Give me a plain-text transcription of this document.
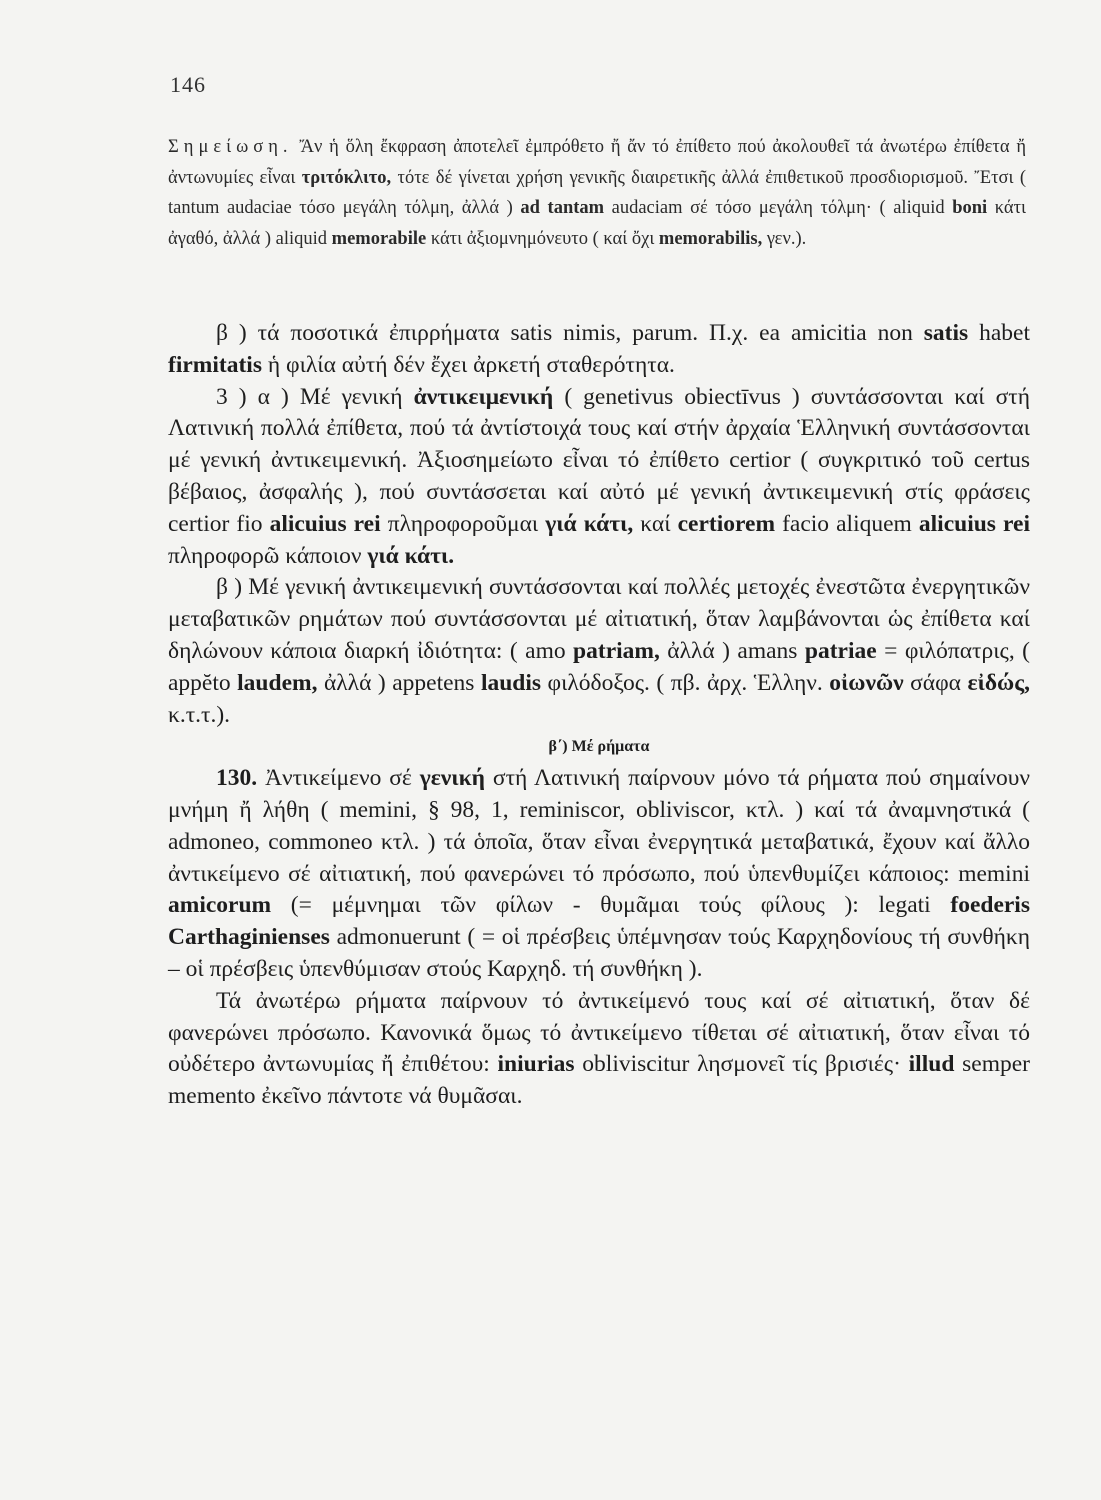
146
Σημείωση. Ἄν ἡ ὅλη ἔκφραση ἀποτελεῖ ἐμπρόθετο ἤ ἄν τό ἐπίθετο πού ἀκολουθεῖ τά ἀνωτέρω ἐπίθετα ἤ ἀντωνυμίες εἶναι τριτόκλιτο, τότε δέ γίνεται χρήση γενικῆς διαιρετικῆς ἀλλά ἐπιθετικοῦ προσδιορισμοῦ. Ἔτσι ( tantum audaciae τόσο μεγάλη τόλμη, ἀλλά ) ad tantam audaciam σέ τόσο μεγάλη τόλμη· ( aliquid boni κάτι ἀγαθό, ἀλλά ) aliquid memorabile κάτι ἀξιομνημόνευτο ( καί ὄχι memorabilis, γεν.).

β ) τά ποσοτικά ἐπιρρήματα satis nimis, parum. Π.χ. ea amicitia non satis habet firmitatis ἡ φιλία αὐτή δέν ἔχει ἀρκετή σταθερότητα.

3 ) α ) Μέ γενική ἀντικειμενική ( genetivus obiectīvus ) συντάσσονται καί στή Λατινική πολλά ἐπίθετα, πού τά ἀντίστοιχά τους καί στήν ἀρχαία Ἑλληνική συντάσσονται μέ γενική ἀντικειμενική. Ἀξιοσημείωτο εἶναι τό ἐπίθετο certior ( συγκριτικό τοῦ certus βέβαιος, ἀσφαλής ), πού συντάσσεται καί αὐτό μέ γενική ἀντικειμενική στίς φράσεις certior fio alicuius rei πληροφοροῦμαι γιά κάτι, καί certiorem facio aliquem alicuius rei πληροφορῶ κάποιον γιά κάτι.

β ) Μέ γενική ἀντικειμενική συντάσσονται καί πολλές μετοχές ἐνεστῶτα ἐνεργητικῶν μεταβατικῶν ρημάτων πού συντάσσονται μέ αἰτιατική, ὅταν λαμβάνονται ὡς ἐπίθετα καί δηλώνουν κάποια διαρκή ἰδιότητα: ( amo patriam, ἀλλά ) amans patriae = φιλόπατρις, ( appĕto laudem, ἀλλά ) appetens laudis φιλόδοξος. ( πβ. ἀρχ. Ἑλλην. οἰωνῶν σάφα εἰδώς, κ.τ.τ.).

β΄) Μέ ρήματα

130. Ἀντικείμενο σέ γενική στή Λατινική παίρνουν μόνο τά ρήματα πού σημαίνουν μνήμη ἤ λήθη ( memini, § 98, 1, reminiscor, obliviscor, κτλ. ) καί τά ἀναμνηστικά ( admoneo, commoneo κτλ. ) τά ὁποῖα, ὅταν εἶναι ἐνεργητικά μεταβατικά, ἔχουν καί ἄλλο ἀντικείμενο σέ αἰτιατική, πού φανερώνει τό πρόσωπο, πού ὑπενθυμίζει κάποιος: memini amicorum (= μέμνημαι τῶν φίλων - θυμᾶμαι τούς φίλους ): legati foederis Carthaginienses admonuerunt ( = οἱ πρέσβεις ὑπέμνησαν τούς Καρχηδονίους τή συνθήκη – οἱ πρέσβεις ὑπενθύμισαν στούς Καρχηδ. τή συνθήκη ).

Τά ἀνωτέρω ρήματα παίρνουν τό ἀντικείμενό τους καί σέ αἰτιατική, ὅταν δέ φανερώνει πρόσωπο. Κανονικά ὅμως τό ἀντικείμενο τίθεται σέ αἰτιατική, ὅταν εἶναι τό οὐδέτερο ἀντωνυμίας ἤ ἐπιθέτου: iniurias obliviscitur λησμονεῖ τίς βρισιές· illud semper memento ἐκεῖνο πάντοτε νά θυμᾶσαι.
